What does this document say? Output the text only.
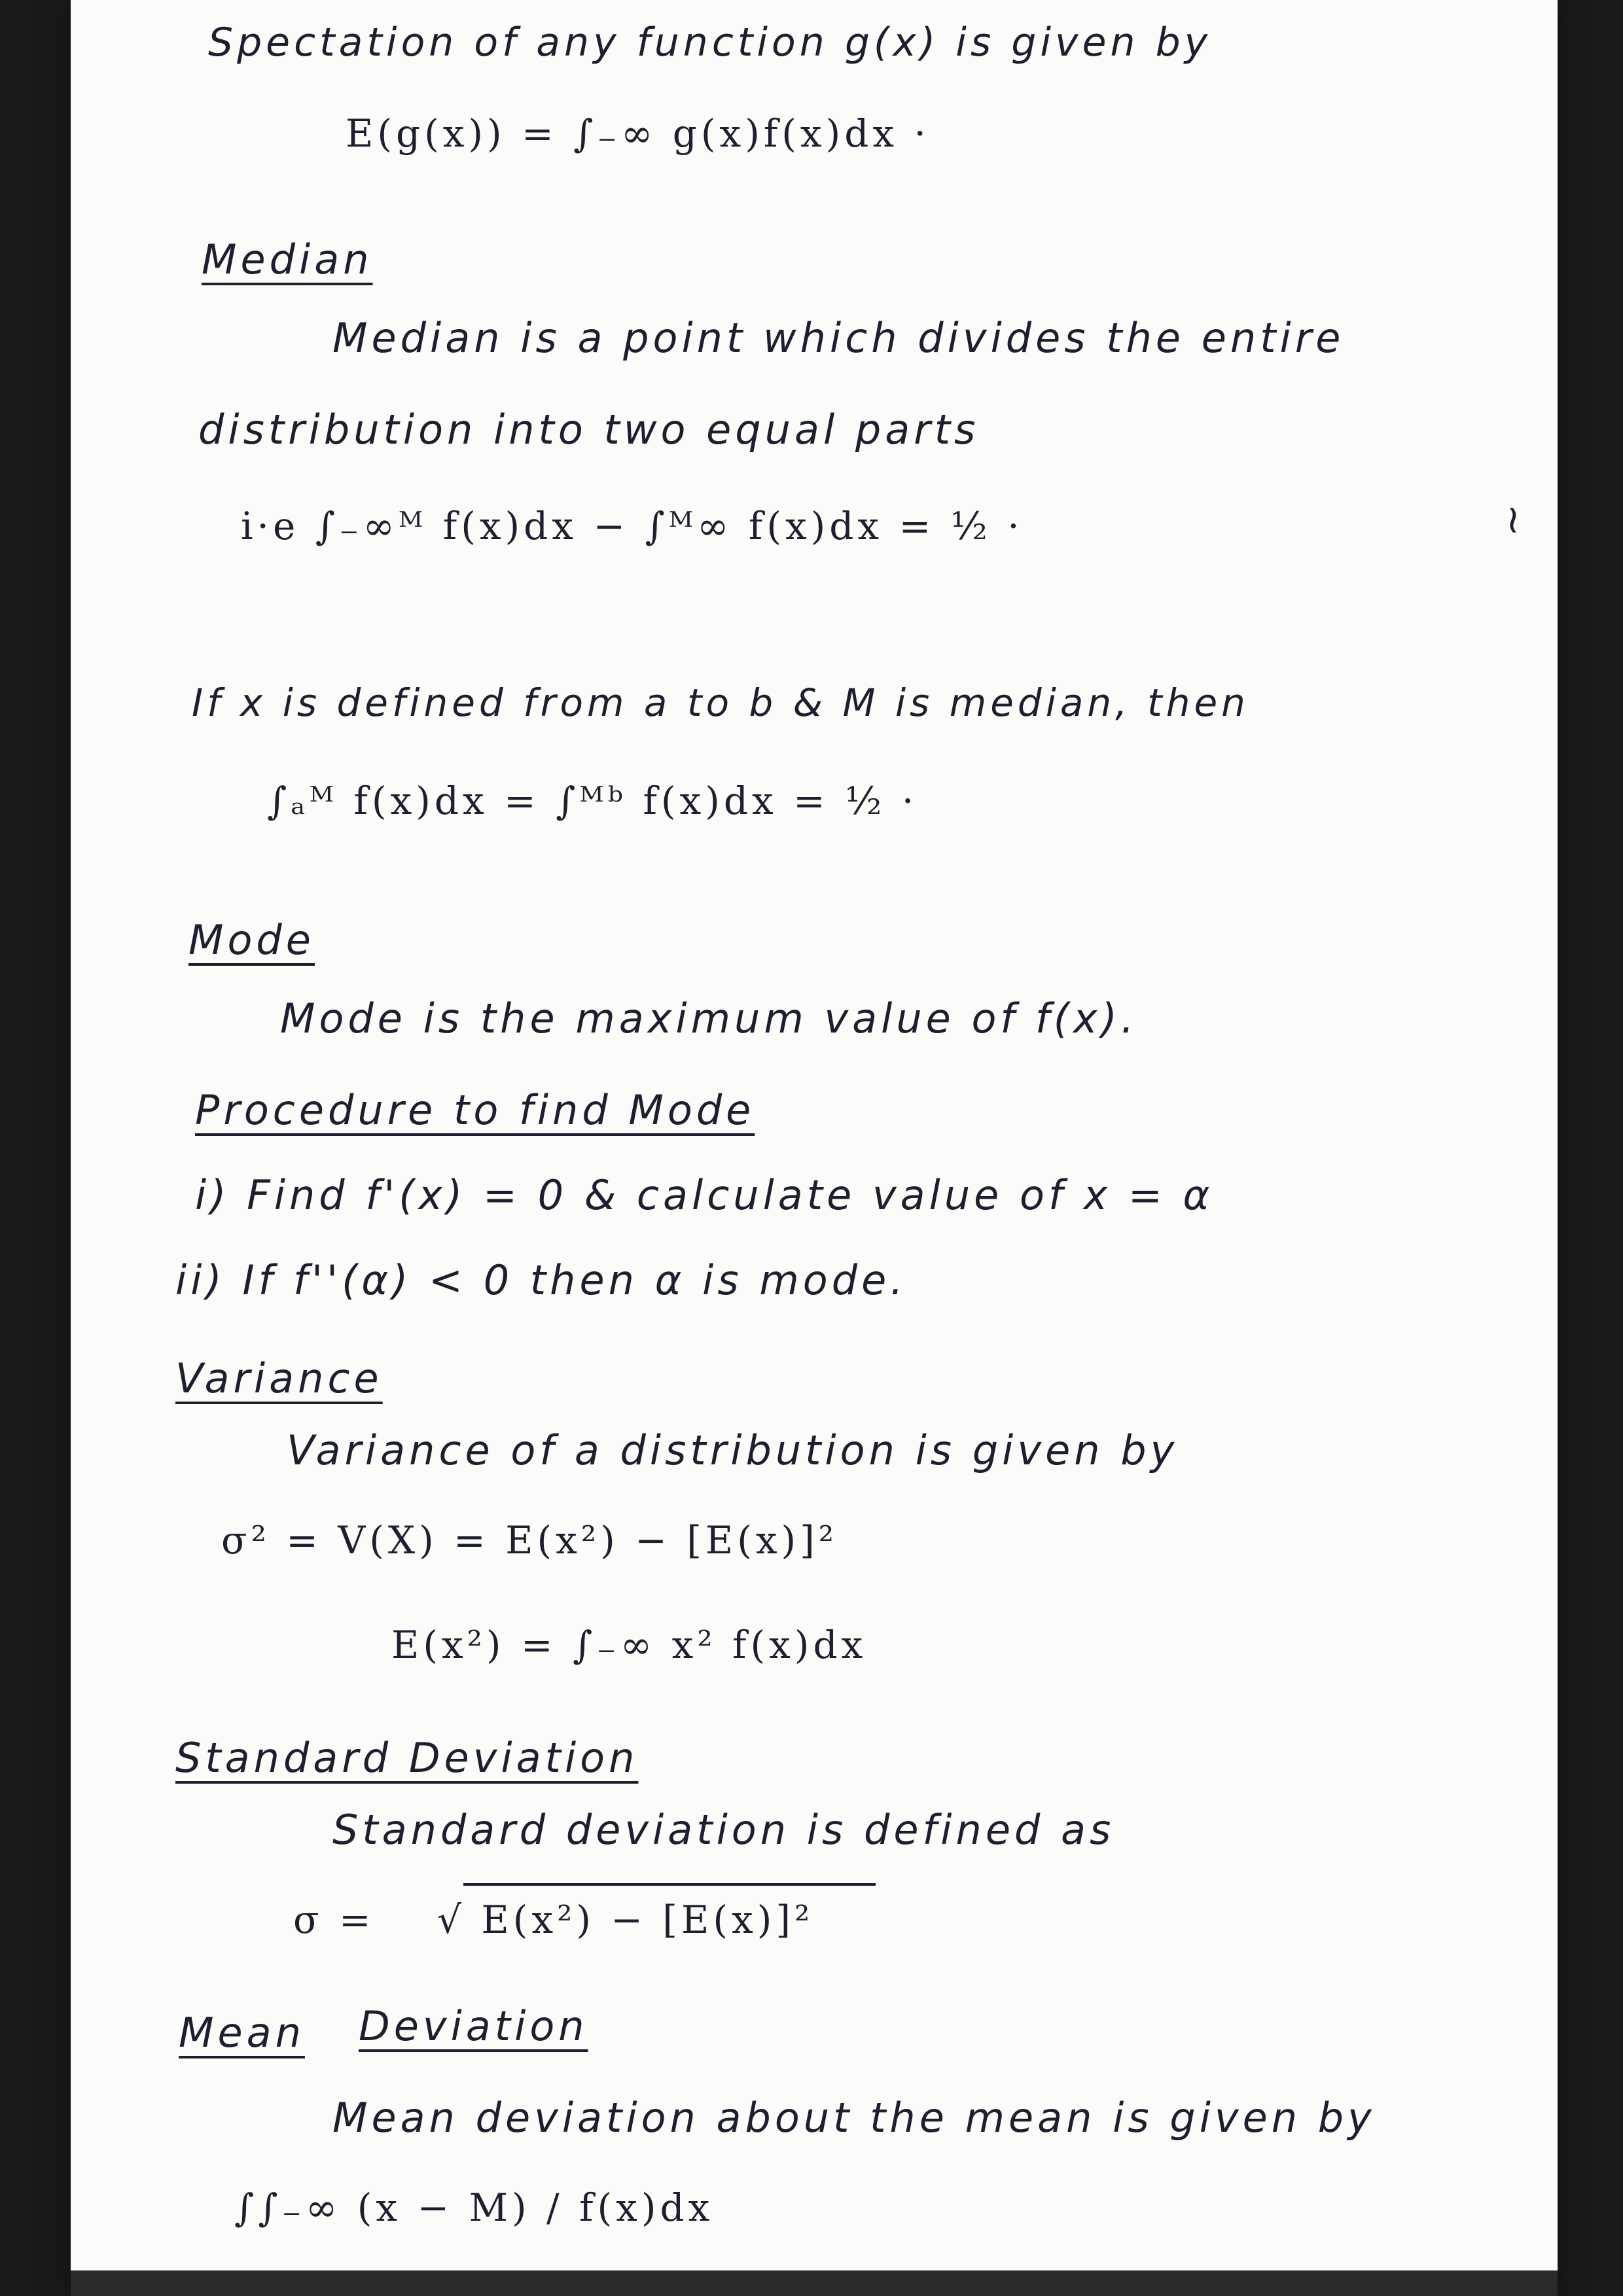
Spectation of any function g(x) is given by
E(g(x)) = ∫₋∞ g(x)f(x)dx ·
Median
Median is a point which divides the entire
distribution into two equal parts
i·e ∫₋∞ᴹ f(x)dx − ∫ᴹ∞ f(x)dx = ½ ·
If x is defined from a to b & M is median, then
∫ₐᴹ f(x)dx = ∫ᴹᵇ f(x)dx = ½ ·
Mode
Mode is the maximum value of f(x).
Procedure to find Mode
i) Find f'(x) = 0 & calculate value of x = α
ii) If f''(α) < 0 then α is mode.
Variance
Variance of a distribution is given by
σ² = V(X) = E(x²) − [E(x)]²
E(x²) = ∫₋∞ x² f(x)dx
Standard Deviation
Standard deviation is defined as
σ = √ E(x²) − [E(x)]²
Mean Deviation
Mean deviation about the mean is given by
∫∫₋∞ (x − M) / f(x)dx
~
